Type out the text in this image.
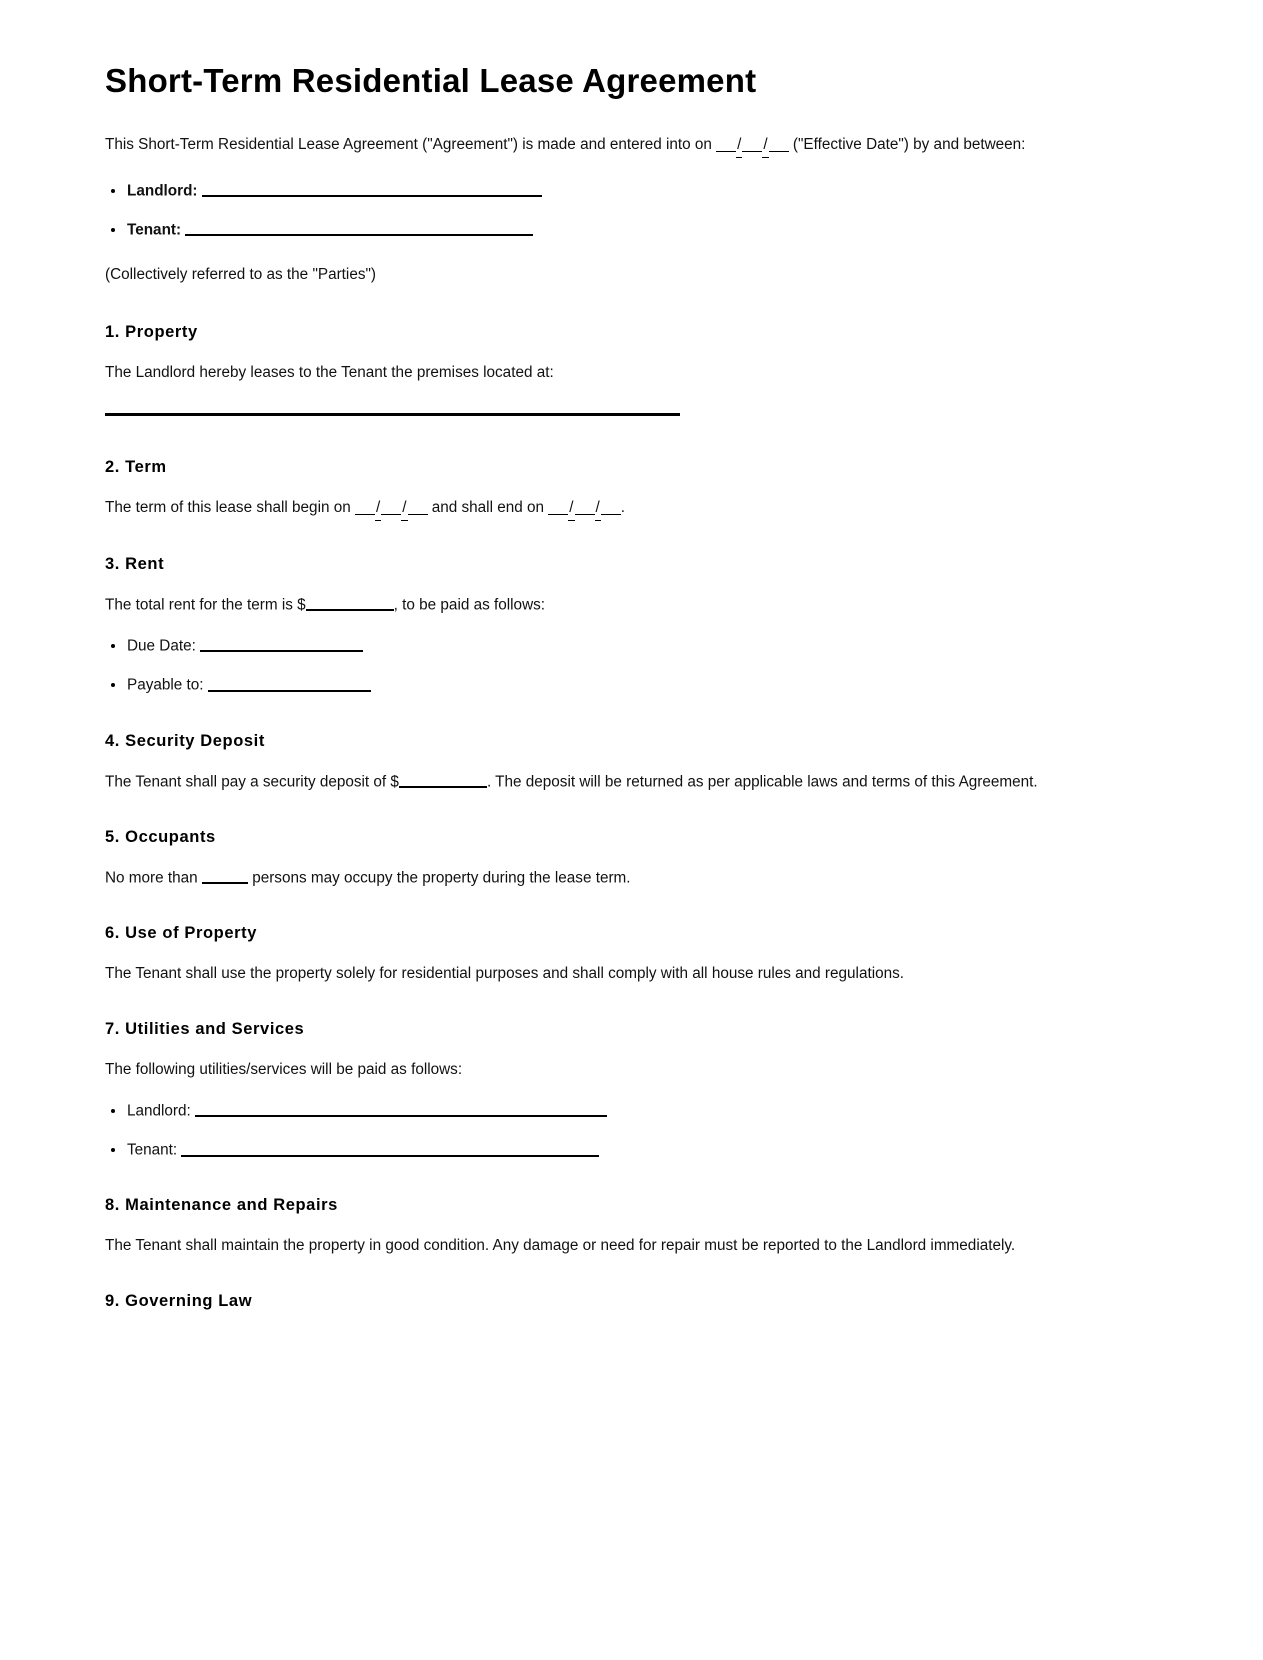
Short-Term Residential Lease Agreement

This Short-Term Residential Lease Agreement ("Agreement") is made and entered into on / / ("Effective Date") by and between:

Landlord:
Tenant:

(Collectively referred to as the "Parties")

1. Property

The Landlord hereby leases to the Tenant the premises located at:

2. Term

The term of this lease shall begin on / / and shall end on / / .

3. Rent

The total rent for the term is $	, to be paid as follows:

Due Date:
Payable to:
4. Security Deposit

The Tenant shall pay a security deposit of $	. The deposit will be returned as per applicable laws and terms of this Agreement.

5. Occupants

No more than	persons may occupy the property during the lease term.

6. Use of Property

The Tenant shall use the property solely for residential purposes and shall comply with all house rules and regulations.

7. Utilities and Services

The following utilities/services will be paid as follows:

Landlord:
Tenant:
8. Maintenance and Repairs

The Tenant shall maintain the property in good condition. Any damage or need for repair must be reported to the Landlord immediately.

9. Governing Law
